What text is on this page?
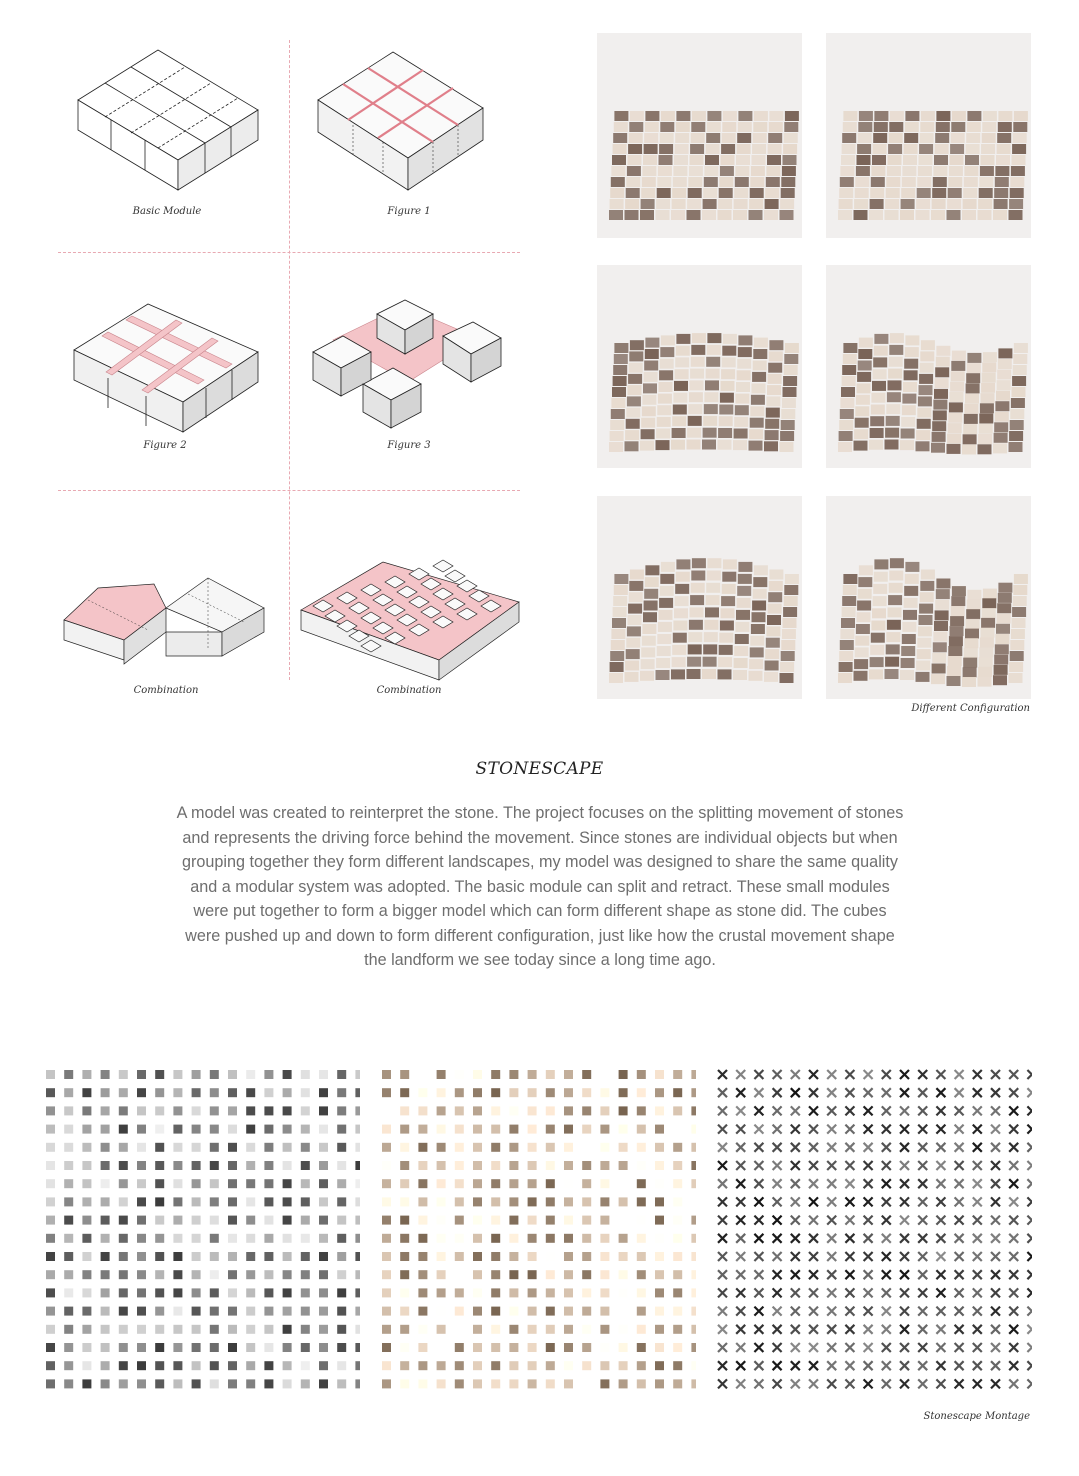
Basic Module	Figure 1
Figure 2	Figure 3
Combination	Combination
Different Configuration
STONESCAPE
A model was created to reinterpret the stone. The project focuses on the splitting movement of stones and represents the driving force behind the movement. Since stones are individual objects but when grouping together they form different landscapes, my model was designed to share the same quality and a modular system was adopted. The basic module can split and retract. These small modules were put together to form a bigger model which can form different shape as stone did. The cubes were pushed up and down to form different configuration, just like how the crustal movement shape the landform we see today since a long time ago.
Stonescape Montage
